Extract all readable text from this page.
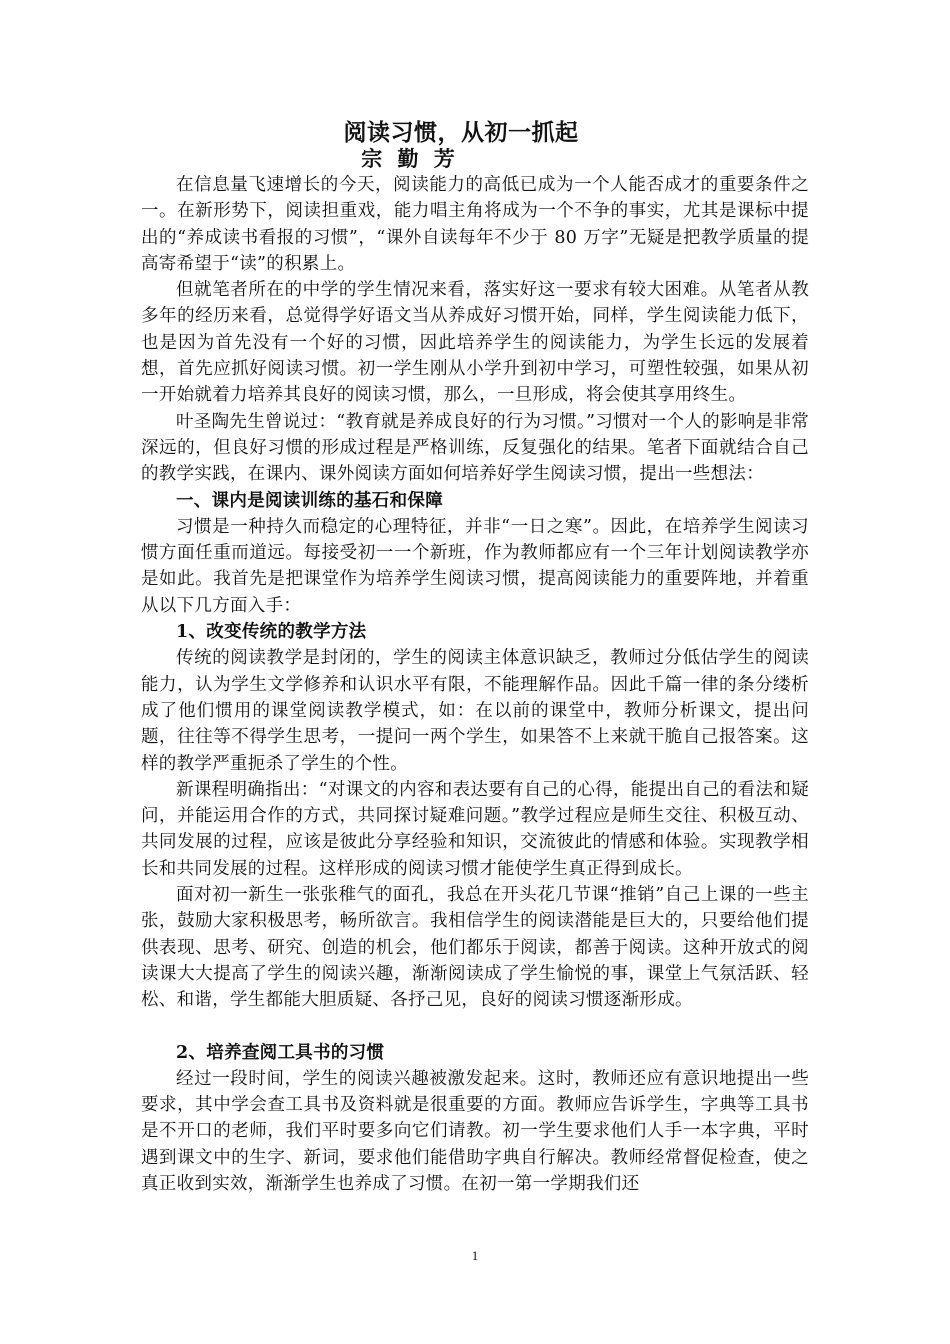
阅读习惯，从初一抓起
宗 勤 芳

在信息量飞速增长的今天，阅读能力的高低已成为一个人能否成才的重要条件之一。在新形势下，阅读担重戏，能力唱主角将成为一个不争的事实，尤其是课标中提出的“养成读书看报的习惯”，“课外自读每年不少于 80 万字”无疑是把教学质量的提高寄希望于“读”的积累上。

但就笔者所在的中学的学生情况来看，落实好这一要求有较大困难。从笔者从教多年的经历来看，总觉得学好语文当从养成好习惯开始，同样，学生阅读能力低下，也是因为首先没有一个好的习惯，因此培养学生的阅读能力，为学生长远的发展着想，首先应抓好阅读习惯。初一学生刚从小学升到初中学习，可塑性较强，如果从初一开始就着力培养其良好的阅读习惯，那么，一旦形成，将会使其享用终生。

叶圣陶先生曾说过：“教育就是养成良好的行为习惯。”习惯对一个人的影响是非常深远的，但良好习惯的形成过程是严格训练，反复强化的结果。笔者下面就结合自己的教学实践，在课内、课外阅读方面如何培养好学生阅读习惯，提出一些想法：

一、课内是阅读训练的基石和保障

习惯是一种持久而稳定的心理特征，并非“一日之寒”。因此，在培养学生阅读习惯方面任重而道远。每接受初一一个新班，作为教师都应有一个三年计划阅读教学亦是如此。我首先是把课堂作为培养学生阅读习惯，提高阅读能力的重要阵地，并着重从以下几方面入手：

1、改变传统的教学方法

传统的阅读教学是封闭的，学生的阅读主体意识缺乏，教师过分低估学生的阅读能力，认为学生文学修养和认识水平有限，不能理解作品。因此千篇一律的条分缕析成了他们惯用的课堂阅读教学模式，如：在以前的课堂中，教师分析课文，提出问题，往往等不得学生思考，一提问一两个学生，如果答不上来就干脆自己报答案。这样的教学严重扼杀了学生的个性。

新课程明确指出：“对课文的内容和表达要有自己的心得，能提出自己的看法和疑问，并能运用合作的方式，共同探讨疑难问题。”教学过程应是师生交往、积极互动、共同发展的过程，应该是彼此分享经验和知识，交流彼此的情感和体验。实现教学相长和共同发展的过程。这样形成的阅读习惯才能使学生真正得到成长。

面对初一新生一张张稚气的面孔，我总在开头花几节课“推销”自己上课的一些主张，鼓励大家积极思考，畅所欲言。我相信学生的阅读潜能是巨大的，只要给他们提供表现、思考、研究、创造的机会，他们都乐于阅读，都善于阅读。这种开放式的阅读课大大提高了学生的阅读兴趣，渐渐阅读成了学生愉悦的事，课堂上气氛活跃、轻松、和谐，学生都能大胆质疑、各抒己见，良好的阅读习惯逐渐形成。

2、培养查阅工具书的习惯

经过一段时间，学生的阅读兴趣被激发起来。这时，教师还应有意识地提出一些要求，其中学会查工具书及资料就是很重要的方面。教师应告诉学生，字典等工具书是不开口的老师，我们平时要多向它们请教。初一学生要求他们人手一本字典，平时遇到课文中的生字、新词，要求他们能借助字典自行解决。教师经常督促检查，使之真正收到实效，渐渐学生也养成了习惯。在初一第一学期我们还

1
